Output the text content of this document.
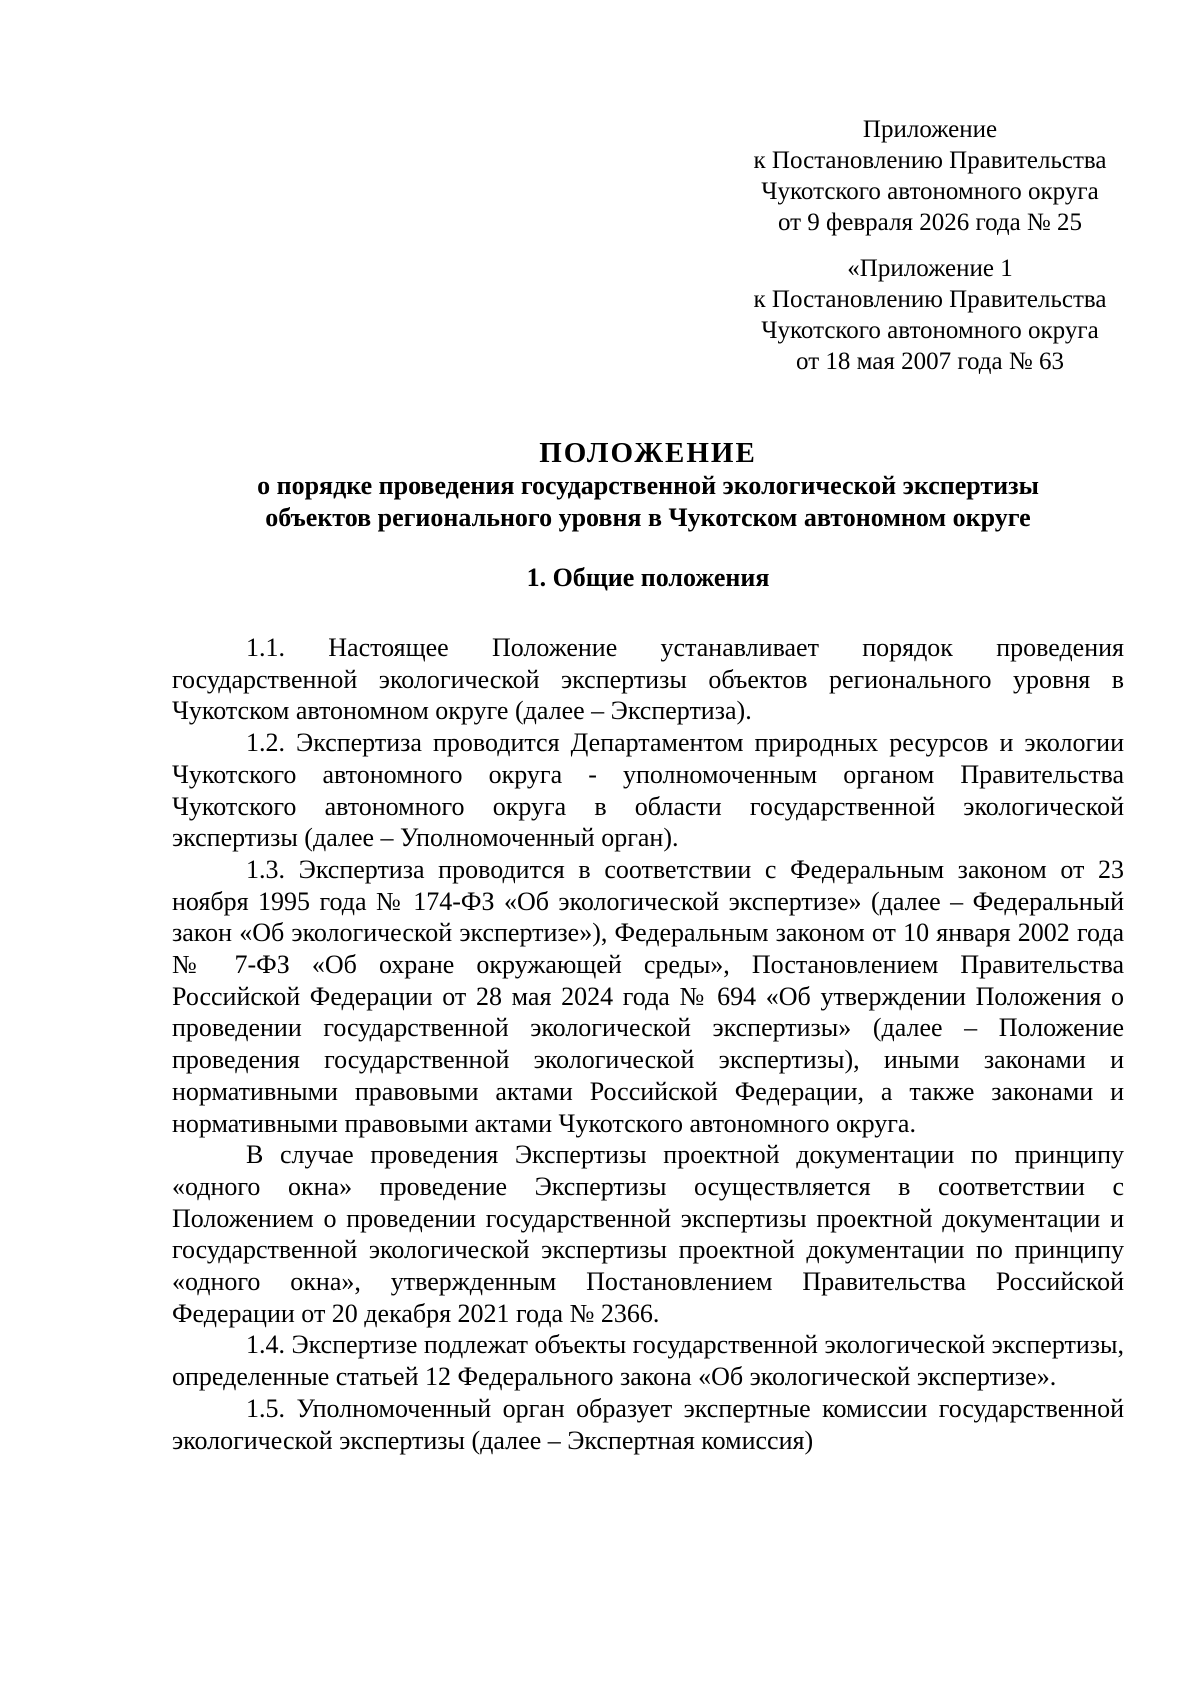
Приложение
к Постановлению Правительства
Чукотского автономного округа
от 9 февраля 2026 года № 25
«Приложение 1
к Постановлению Правительства
Чукотского автономного округа
от 18 мая 2007 года № 63
ПОЛОЖЕНИЕ
о порядке проведения государственной экологической экспертизы
объектов регионального уровня в Чукотском автономном округе
1. Общие положения

1.1. Настоящее Положение устанавливает порядок проведения государственной экологической экспертизы объектов регионального уровня в Чукотском автономном округе (далее – Экспертиза).

1.2. Экспертиза проводится Департаментом природных ресурсов и экологии Чукотского автономного округа - уполномоченным органом Правительства Чукотского автономного округа в области государственной экологической экспертизы (далее – Уполномоченный орган).

1.3. Экспертиза проводится в соответствии с Федеральным законом от 23 ноября 1995 года № 174-ФЗ «Об экологической экспертизе» (далее – Федеральный закон «Об экологической экспертизе»), Федеральным законом от 10 января 2002 года № 7-ФЗ «Об охране окружающей среды», Постановлением Правительства Российской Федерации от 28 мая 2024 года № 694 «Об утверждении Положения о проведении государственной экологической экспертизы» (далее – Положение проведения государственной экологической экспертизы), иными законами и нормативными правовыми актами Российской Федерации, а также законами и нормативными правовыми актами Чукотского автономного округа.

В случае проведения Экспертизы проектной документации по принципу «одного окна» проведение Экспертизы осуществляется в соответствии с Положением о проведении государственной экспертизы проектной документации и государственной экологической экспертизы проектной документации по принципу «одного окна», утвержденным Постановлением Правительства Российской Федерации от 20 декабря 2021 года № 2366.

1.4. Экспертизе подлежат объекты государственной экологической экспертизы, определенные статьей 12 Федерального закона «Об экологической экспертизе».

1.5. Уполномоченный орган образует экспертные комиссии государственной экологической экспертизы (далее – Экспертная комиссия)
